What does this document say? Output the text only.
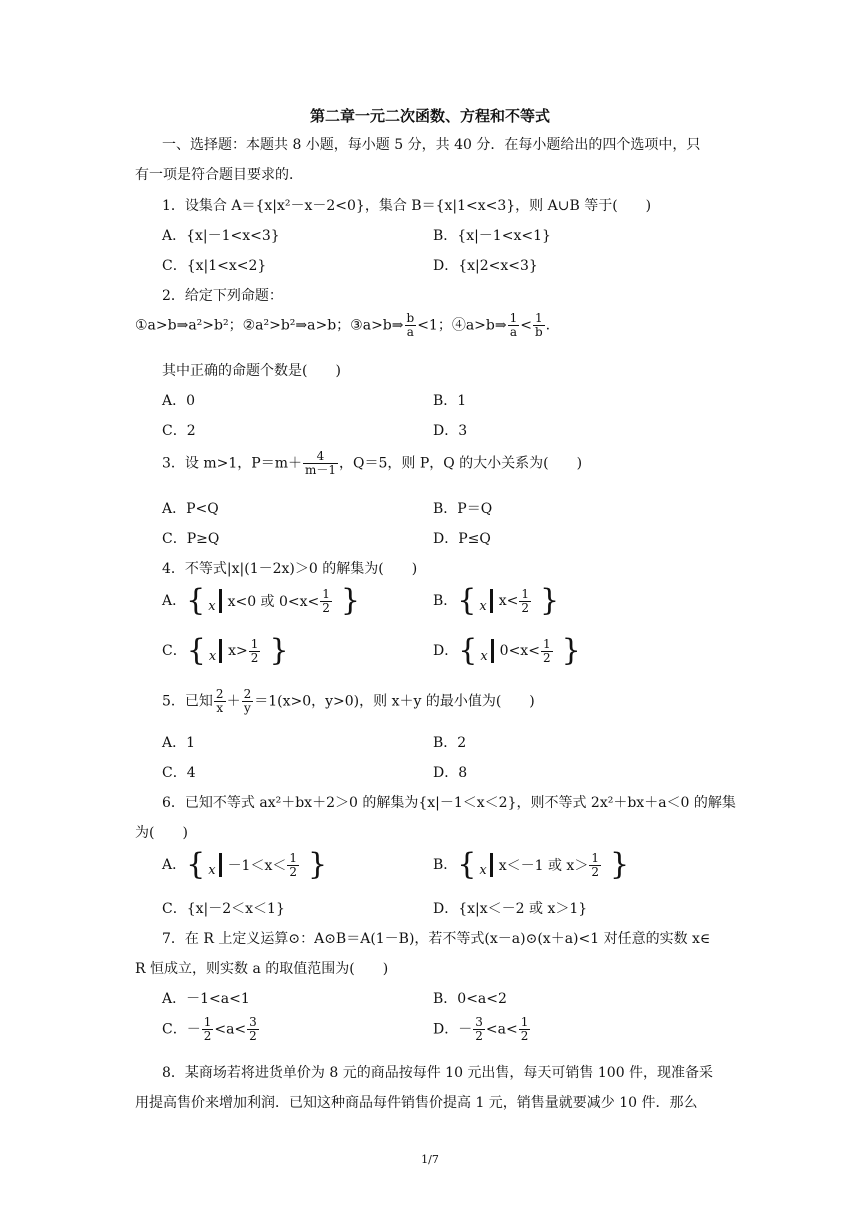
第二章一元二次函数、方程和不等式
一、选择题：本题共 8 小题，每小题 5 分，共 40 分．在每小题给出的四个选项中，只
有一项是符合题目要求的．
1．设集合 A＝{x|x²－x－2<0}，集合 B＝{x|1<x<3}，则 A∪B 等于(　　)
A．{x|－1<x<3}	B．{x|－1<x<1}
C．{x|1<x<2}	D．{x|2<x<3}
2．给定下列命题：
①a>b⇒a²>b²；②a²>b²⇒a>b；③a>b⇒ $\frac{b}{a} <1$；④a>b⇒ $\frac{1}{a} < \frac{1}{b}$ .
其中正确的命题个数是(　　)
A．0	B．1
C．2	D．3
3．设 m>1，$P=m+ \frac{4}{m-1}$ ，Q＝5，则 P，Q 的大小关系为(　　)
A．P<Q	B．P＝Q
C．P≥Q	D．P≤Q
4．不等式|x|(1－2x)＞0 的解集为(　　)
A． { x x<0 或 $0<x< \frac{1}{2}$ }	B． { x $x< \frac{1}{2}$ }
C． { x $x> \frac{1}{2}$ }	D． { x $0<x< \frac{1}{2}$ }
5．已知 $\frac{2}{x} + \frac{2}{y} =1(x>0$，y>0)，则 x＋y 的最小值为(　　)
A．1	B．2
C．4	D．8
6．已知不等式 ax²＋bx＋2＞0 的解集为{x|－1＜x＜2}，则不等式 2x²＋bx＋a＜0 的解集
为(　　)
A． { $x -1<x< \frac{1}{2}$ }	B． { x x＜－1 或 $x> \frac{1}{2}$ }
C．{x|－2＜x＜1}	D．{x|x＜－2 或 x＞1}
7．在 R 上定义运算⊙：A⊙B＝A(1－B)，若不等式(x－a)⊙(x＋a)<1 对任意的实数 x∈
R 恒成立，则实数 a 的取值范围为(　　)
A．－1<a<1	B．0<a<2
C．－ $\frac{1}{2} <a< \frac{3}{2}$	D．－ $\frac{3}{2} <a< \frac{1}{2}$
8．某商场若将进货单价为 8 元的商品按每件 10 元出售，每天可销售 100 件，现准备采
用提高售价来增加利润．已知这种商品每件销售价提高 1 元，销售量就要减少 10 件．那么
1/7
